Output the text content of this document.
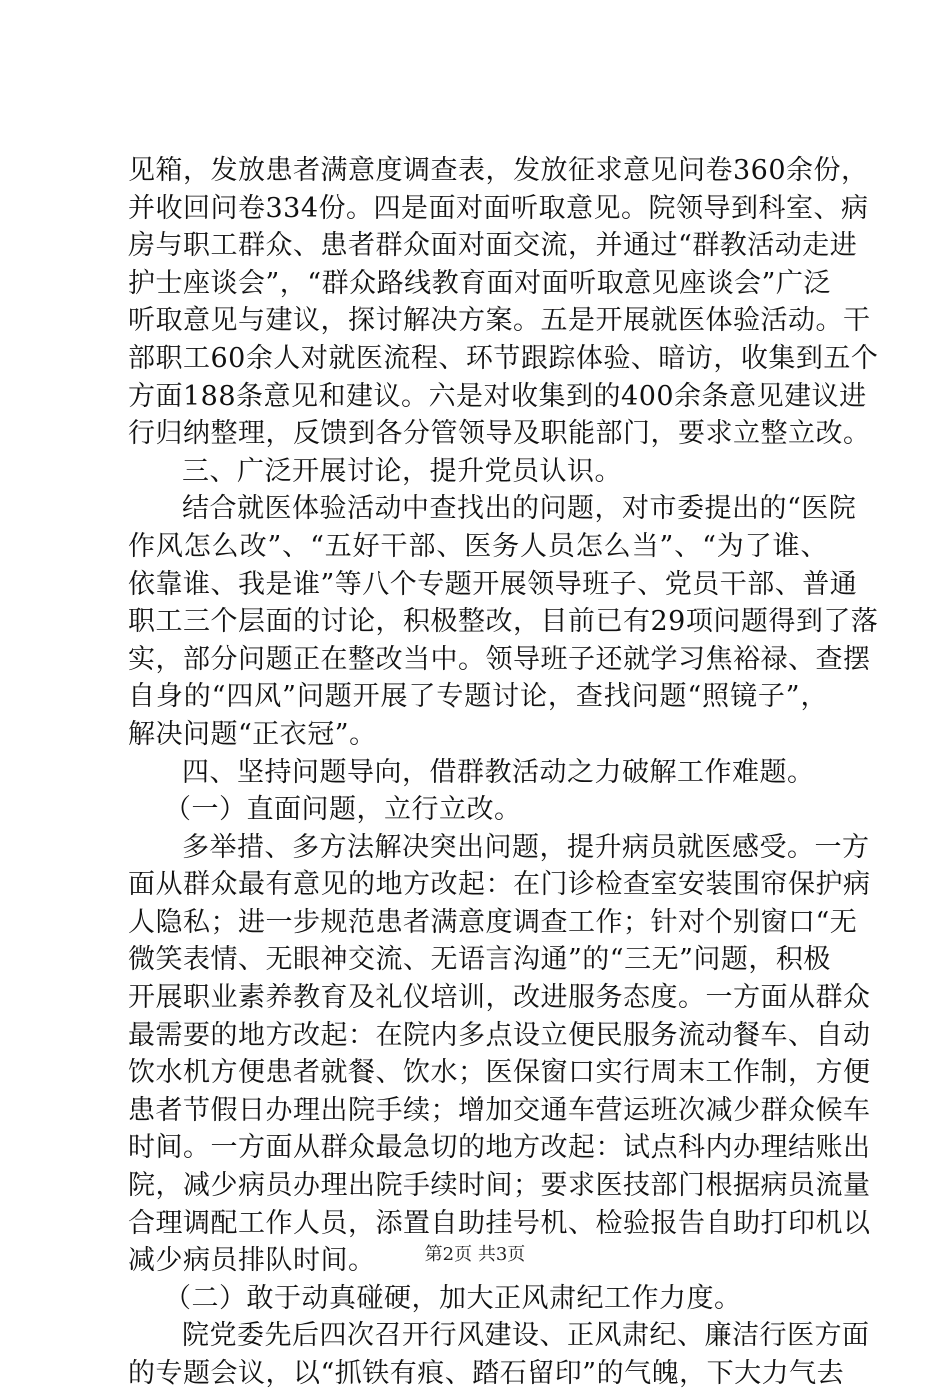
见箱，发放患者满意度调查表，发放征求意见问卷360余份，
并收回问卷334份。四是面对面听取意见。院领导到科室、病
房与职工群众、患者群众面对面交流，并通过“群教活动走进
护士座谈会”，“群众路线教育面对面听取意见座谈会”广泛
听取意见与建议，探讨解决方案。五是开展就医体验活动。干
部职工60余人对就医流程、环节跟踪体验、暗访，收集到五个
方面188条意见和建议。六是对收集到的400余条意见建议进
行归纳整理，反馈到各分管领导及职能部门，要求立整立改。
三、广泛开展讨论，提升党员认识。
结合就医体验活动中查找出的问题，对市委提出的“医院
作风怎么改”、“五好干部、医务人员怎么当”、“为了谁、
依靠谁、我是谁”等八个专题开展领导班子、党员干部、普通
职工三个层面的讨论，积极整改，目前已有29项问题得到了落
实，部分问题正在整改当中。领导班子还就学习焦裕禄、查摆
自身的“四风”问题开展了专题讨论，查找问题“照镜子”，
解决问题“正衣冠”。
四、坚持问题导向，借群教活动之力破解工作难题。
（一）直面问题，立行立改。
多举措、多方法解决突出问题，提升病员就医感受。一方
面从群众最有意见的地方改起：在门诊检查室安装围帘保护病
人隐私；进一步规范患者满意度调查工作；针对个别窗口“无
微笑表情、无眼神交流、无语言沟通”的“三无”问题，积极
开展职业素养教育及礼仪培训，改进服务态度。一方面从群众
最需要的地方改起：在院内多点设立便民服务流动餐车、自动
饮水机方便患者就餐、饮水；医保窗口实行周末工作制，方便
患者节假日办理出院手续；增加交通车营运班次减少群众候车
时间。一方面从群众最急切的地方改起：试点科内办理结账出
院，减少病员办理出院手续时间；要求医技部门根据病员流量
合理调配工作人员，添置自助挂号机、检验报告自助打印机以
减少病员排队时间。
（二）敢于动真碰硬，加大正风肃纪工作力度。
院党委先后四次召开行风建设、正风肃纪、廉洁行医方面
的专题会议，以“抓铁有痕、踏石留印”的气魄，下大力气去
第2页 共3页
